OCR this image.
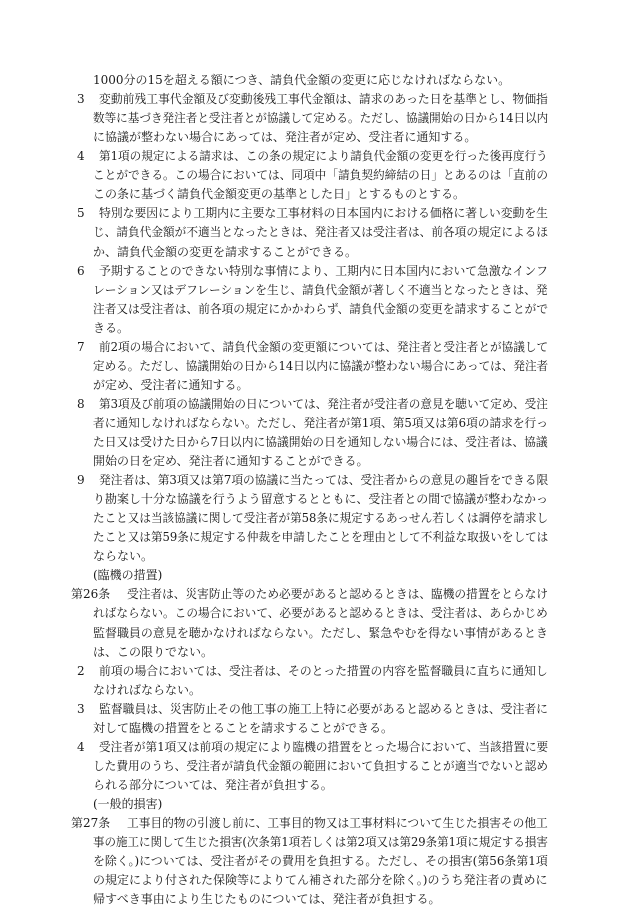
1000分の15を超える額につき、請負代金額の変更に応じなければならない。
3 変動前残工事代金額及び変動後残工事代金額は、請求のあった日を基準とし、物価指
数等に基づき発注者と受注者とが協議して定める。ただし、協議開始の日から14日以内
に協議が整わない場合にあっては、発注者が定め、受注者に通知する。
4 第1項の規定による請求は、この条の規定により請負代金額の変更を行った後再度行う
ことができる。この場合においては、同項中「請負契約締結の日」とあるのは「直前の
この条に基づく請負代金額変更の基準とした日」とするものとする。
5 特別な要因により工期内に主要な工事材料の日本国内における価格に著しい変動を生
じ、請負代金額が不適当となったときは、発注者又は受注者は、前各項の規定によるほ
か、請負代金額の変更を請求することができる。
6 予期することのできない特別な事情により、工期内に日本国内において急激なインフ
レーション又はデフレーションを生じ、請負代金額が著しく不適当となったときは、発
注者又は受注者は、前各項の規定にかかわらず、請負代金額の変更を請求することがで
きる。
7 前2項の場合において、請負代金額の変更額については、発注者と受注者とが協議して
定める。ただし、協議開始の日から14日以内に協議が整わない場合にあっては、発注者
が定め、受注者に通知する。
8 第3項及び前項の協議開始の日については、発注者が受注者の意見を聴いて定め、受注
者に通知しなければならない。ただし、発注者が第1項、第5項又は第6項の請求を行っ
た日又は受けた日から7日以内に協議開始の日を通知しない場合には、受注者は、協議
開始の日を定め、発注者に通知することができる。
9 発注者は、第3項又は第7項の協議に当たっては、受注者からの意見の趣旨をできる限
り勘案し十分な協議を行うよう留意するとともに、受注者との間で協議が整わなかっ
たこと又は当該協議に関して受注者が第58条に規定するあっせん若しくは調停を請求し
たこと又は第59条に規定する仲裁を申請したことを理由として不利益な取扱いをしては
ならない。
(臨機の措置)
第26条 受注者は、災害防止等のため必要があると認めるときは、臨機の措置をとらなけ
ればならない。この場合において、必要があると認めるときは、受注者は、あらかじめ
監督職員の意見を聴かなければならない。ただし、緊急やむを得ない事情があるとき
は、この限りでない。
2 前項の場合においては、受注者は、そのとった措置の内容を監督職員に直ちに通知し
なければならない。
3 監督職員は、災害防止その他工事の施工上特に必要があると認めるときは、受注者に
対して臨機の措置をとることを請求することができる。
4 受注者が第1項又は前項の規定により臨機の措置をとった場合において、当該措置に要
した費用のうち、受注者が請負代金額の範囲において負担することが適当でないと認め
られる部分については、発注者が負担する。
(一般的損害)
第27条 工事目的物の引渡し前に、工事目的物又は工事材料について生じた損害その他工
事の施工に関して生じた損害(次条第1項若しくは第2項又は第29条第1項に規定する損害
を除く。)については、受注者がその費用を負担する。ただし、その損害(第56条第1項
の規定により付された保険等によりてん補された部分を除く。)のうち発注者の責めに
帰すべき事由により生じたものについては、発注者が負担する。
